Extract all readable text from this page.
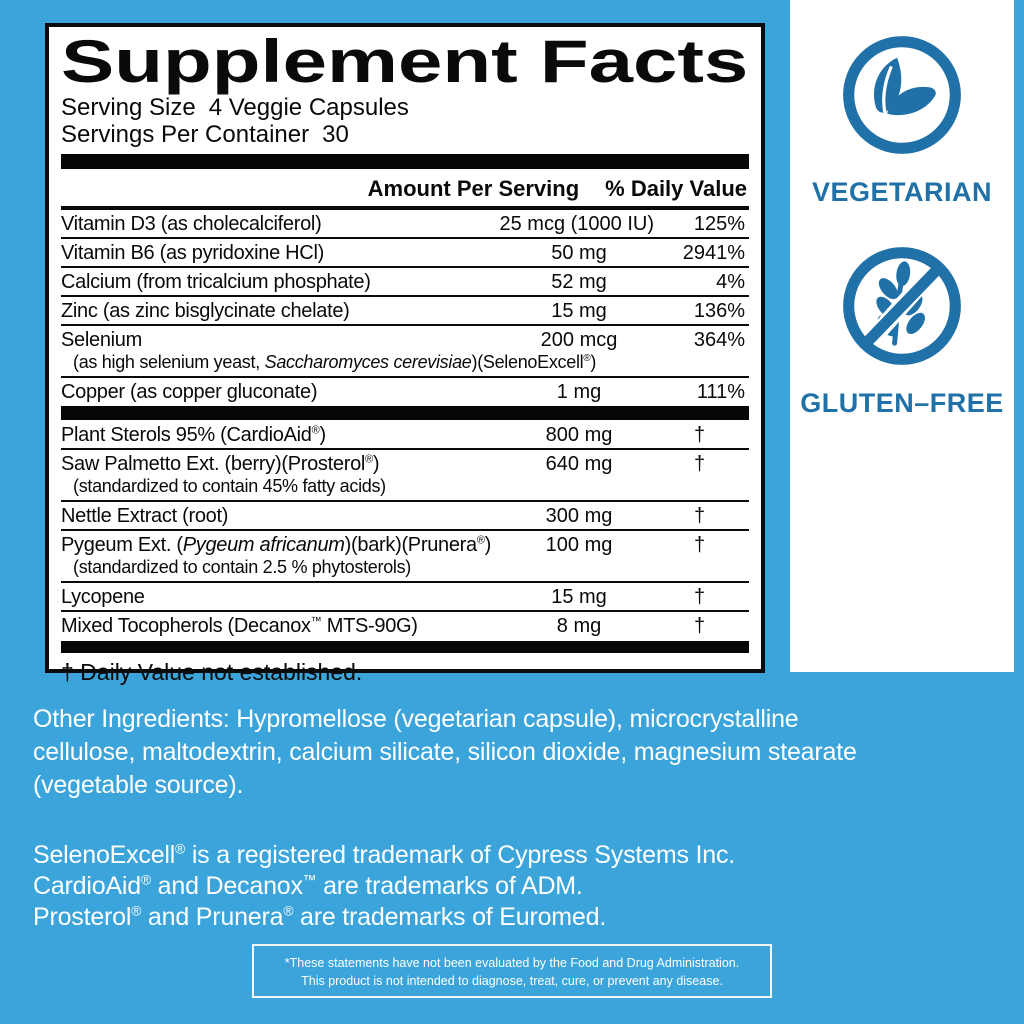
Supplement Facts
Serving Size 4 Veggie Capsules
Servings Per Container 30
Amount Per Serving % Daily Value
Vitamin D3 (as cholecalciferol)	25 mcg (1000 IU)	125%
Vitamin B6 (as pyridoxine HCl)	50 mg	2941%
Calcium (from tricalcium phosphate)	52 mg	4%
Zinc (as zinc bisglycinate chelate)	15 mg	136%
Selenium	200 mcg	364%
(as high selenium yeast, Saccharomyces cerevisiae)(SelenoExcell®)
Copper (as copper gluconate)	1 mg	111%
Plant Sterols 95% (CardioAid®)	800 mg	†
Saw Palmetto Ext. (berry)(Prosterol®)	640 mg	†
(standardized to contain 45% fatty acids)
Nettle Extract (root)	300 mg	†
Pygeum Ext. (Pygeum africanum)(bark)(Prunera®)	100 mg	†
(standardized to contain 2.5 % phytosterols)
Lycopene	15 mg	†
Mixed Tocopherols (Decanox™ MTS-90G)	8 mg	†
† Daily Value not established.
VEGETARIAN
GLUTEN–FREE
Other Ingredients: Hypromellose (vegetarian capsule), microcrystalline
cellulose, maltodextrin, calcium silicate, silicon dioxide, magnesium stearate
(vegetable source).
SelenoExcell® is a registered trademark of Cypress Systems Inc.
CardioAid® and Decanox™ are trademarks of ADM.
Prosterol® and Prunera® are trademarks of Euromed.
*These statements have not been evaluated by the Food and Drug Administration.
This product is not intended to diagnose, treat, cure, or prevent any disease.
